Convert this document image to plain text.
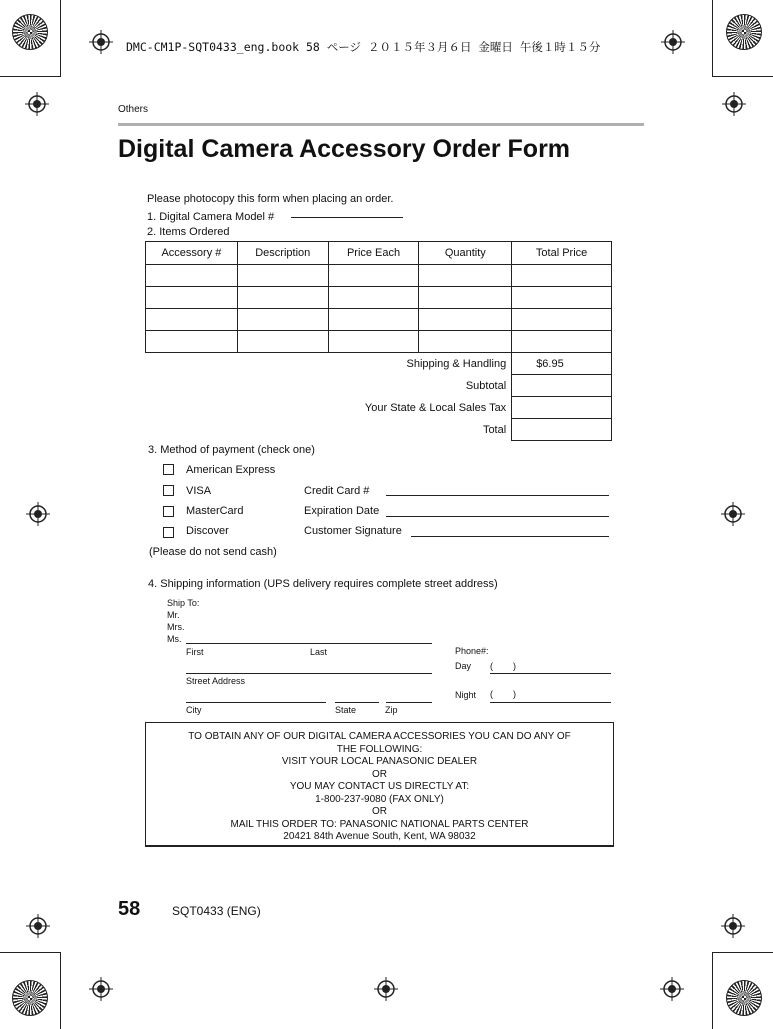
DMC-CM1P-SQT0433_eng.book 58 ページ ２０１５年３月６日 金曜日 午後１時１５分
Others
Digital Camera Accessory Order Form
Please photocopy this form when placing an order.
1. Digital Camera Model #
2. Items Ordered
Accessory #	Description	Price Each	Quantity	Total Price

Shipping & Handling				$6.95
Subtotal				
Your State & Local Sales Tax				
Total				
3. Method of payment (check one)
American Express
VISA	Credit Card #
MasterCard	Expiration Date
Discover	Customer Signature
(Please do not send cash)
4. Shipping information (UPS delivery requires complete street address)
Ship To:
Mr.
Mrs.
Ms.
First	Last
Street Address
City	State	Zip
Phone#:
Day (        )
Night (        )
TO OBTAIN ANY OF OUR DIGITAL CAMERA ACCESSORIES YOU CAN DO ANY OF
THE FOLLOWING:
VISIT YOUR LOCAL PANASONIC DEALER
OR
YOU MAY CONTACT US DIRECTLY AT:
1-800-237-9080 (FAX ONLY)
OR
MAIL THIS ORDER TO: PANASONIC NATIONAL PARTS CENTER
20421 84th Avenue South, Kent, WA 98032
58	SQT0433 (ENG)
